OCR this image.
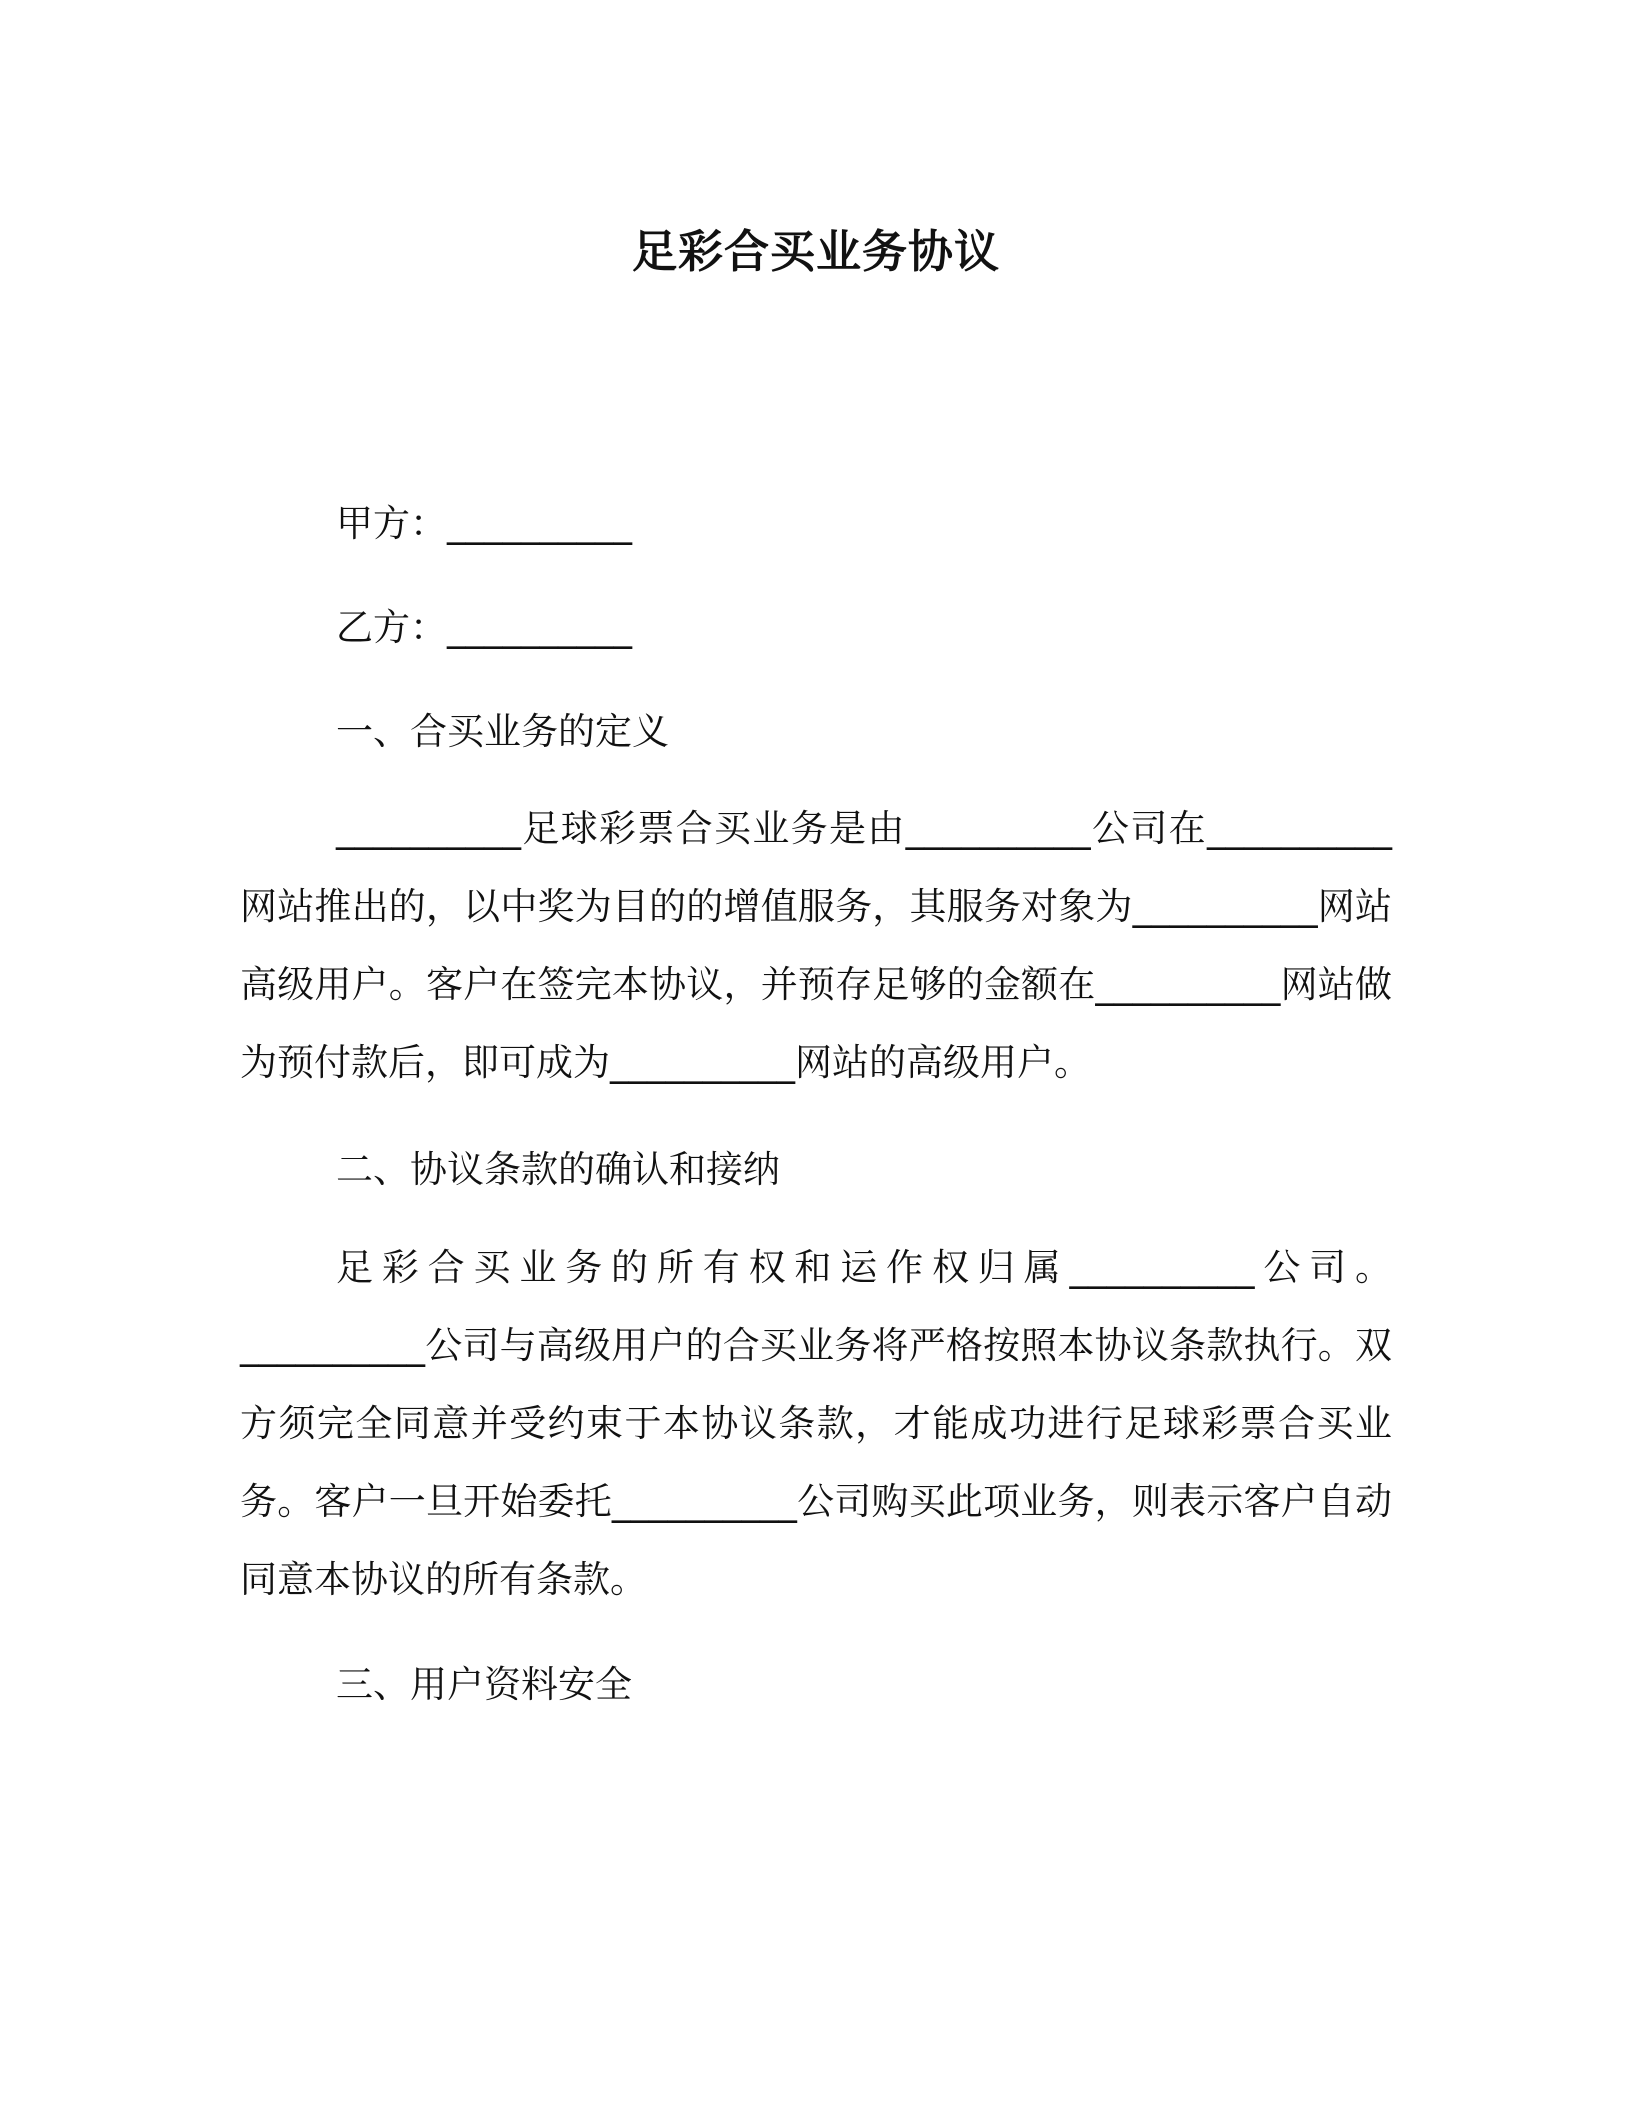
足彩合买业务协议
甲方：__________
乙方：__________
一、合买业务的定义

__________足球彩票合买业务是由__________公司在__________网站推出的，以中奖为目的的增值服务，其服务对象为__________网站高级用户。客户在签完本协议，并预存足够的金额在__________网站做为预付款后，即可成为__________网站的高级用户。

二、协议条款的确认和接纳

足彩合买业务的所有权和运作权归属__________公司。__________公司与高级用户的合买业务将严格按照本协议条款执行。双方须完全同意并受约束于本协议条款，才能成功进行足球彩票合买业务。客户一旦开始委托__________公司购买此项业务，则表示客户自动同意本协议的所有条款。

三、用户资料安全
